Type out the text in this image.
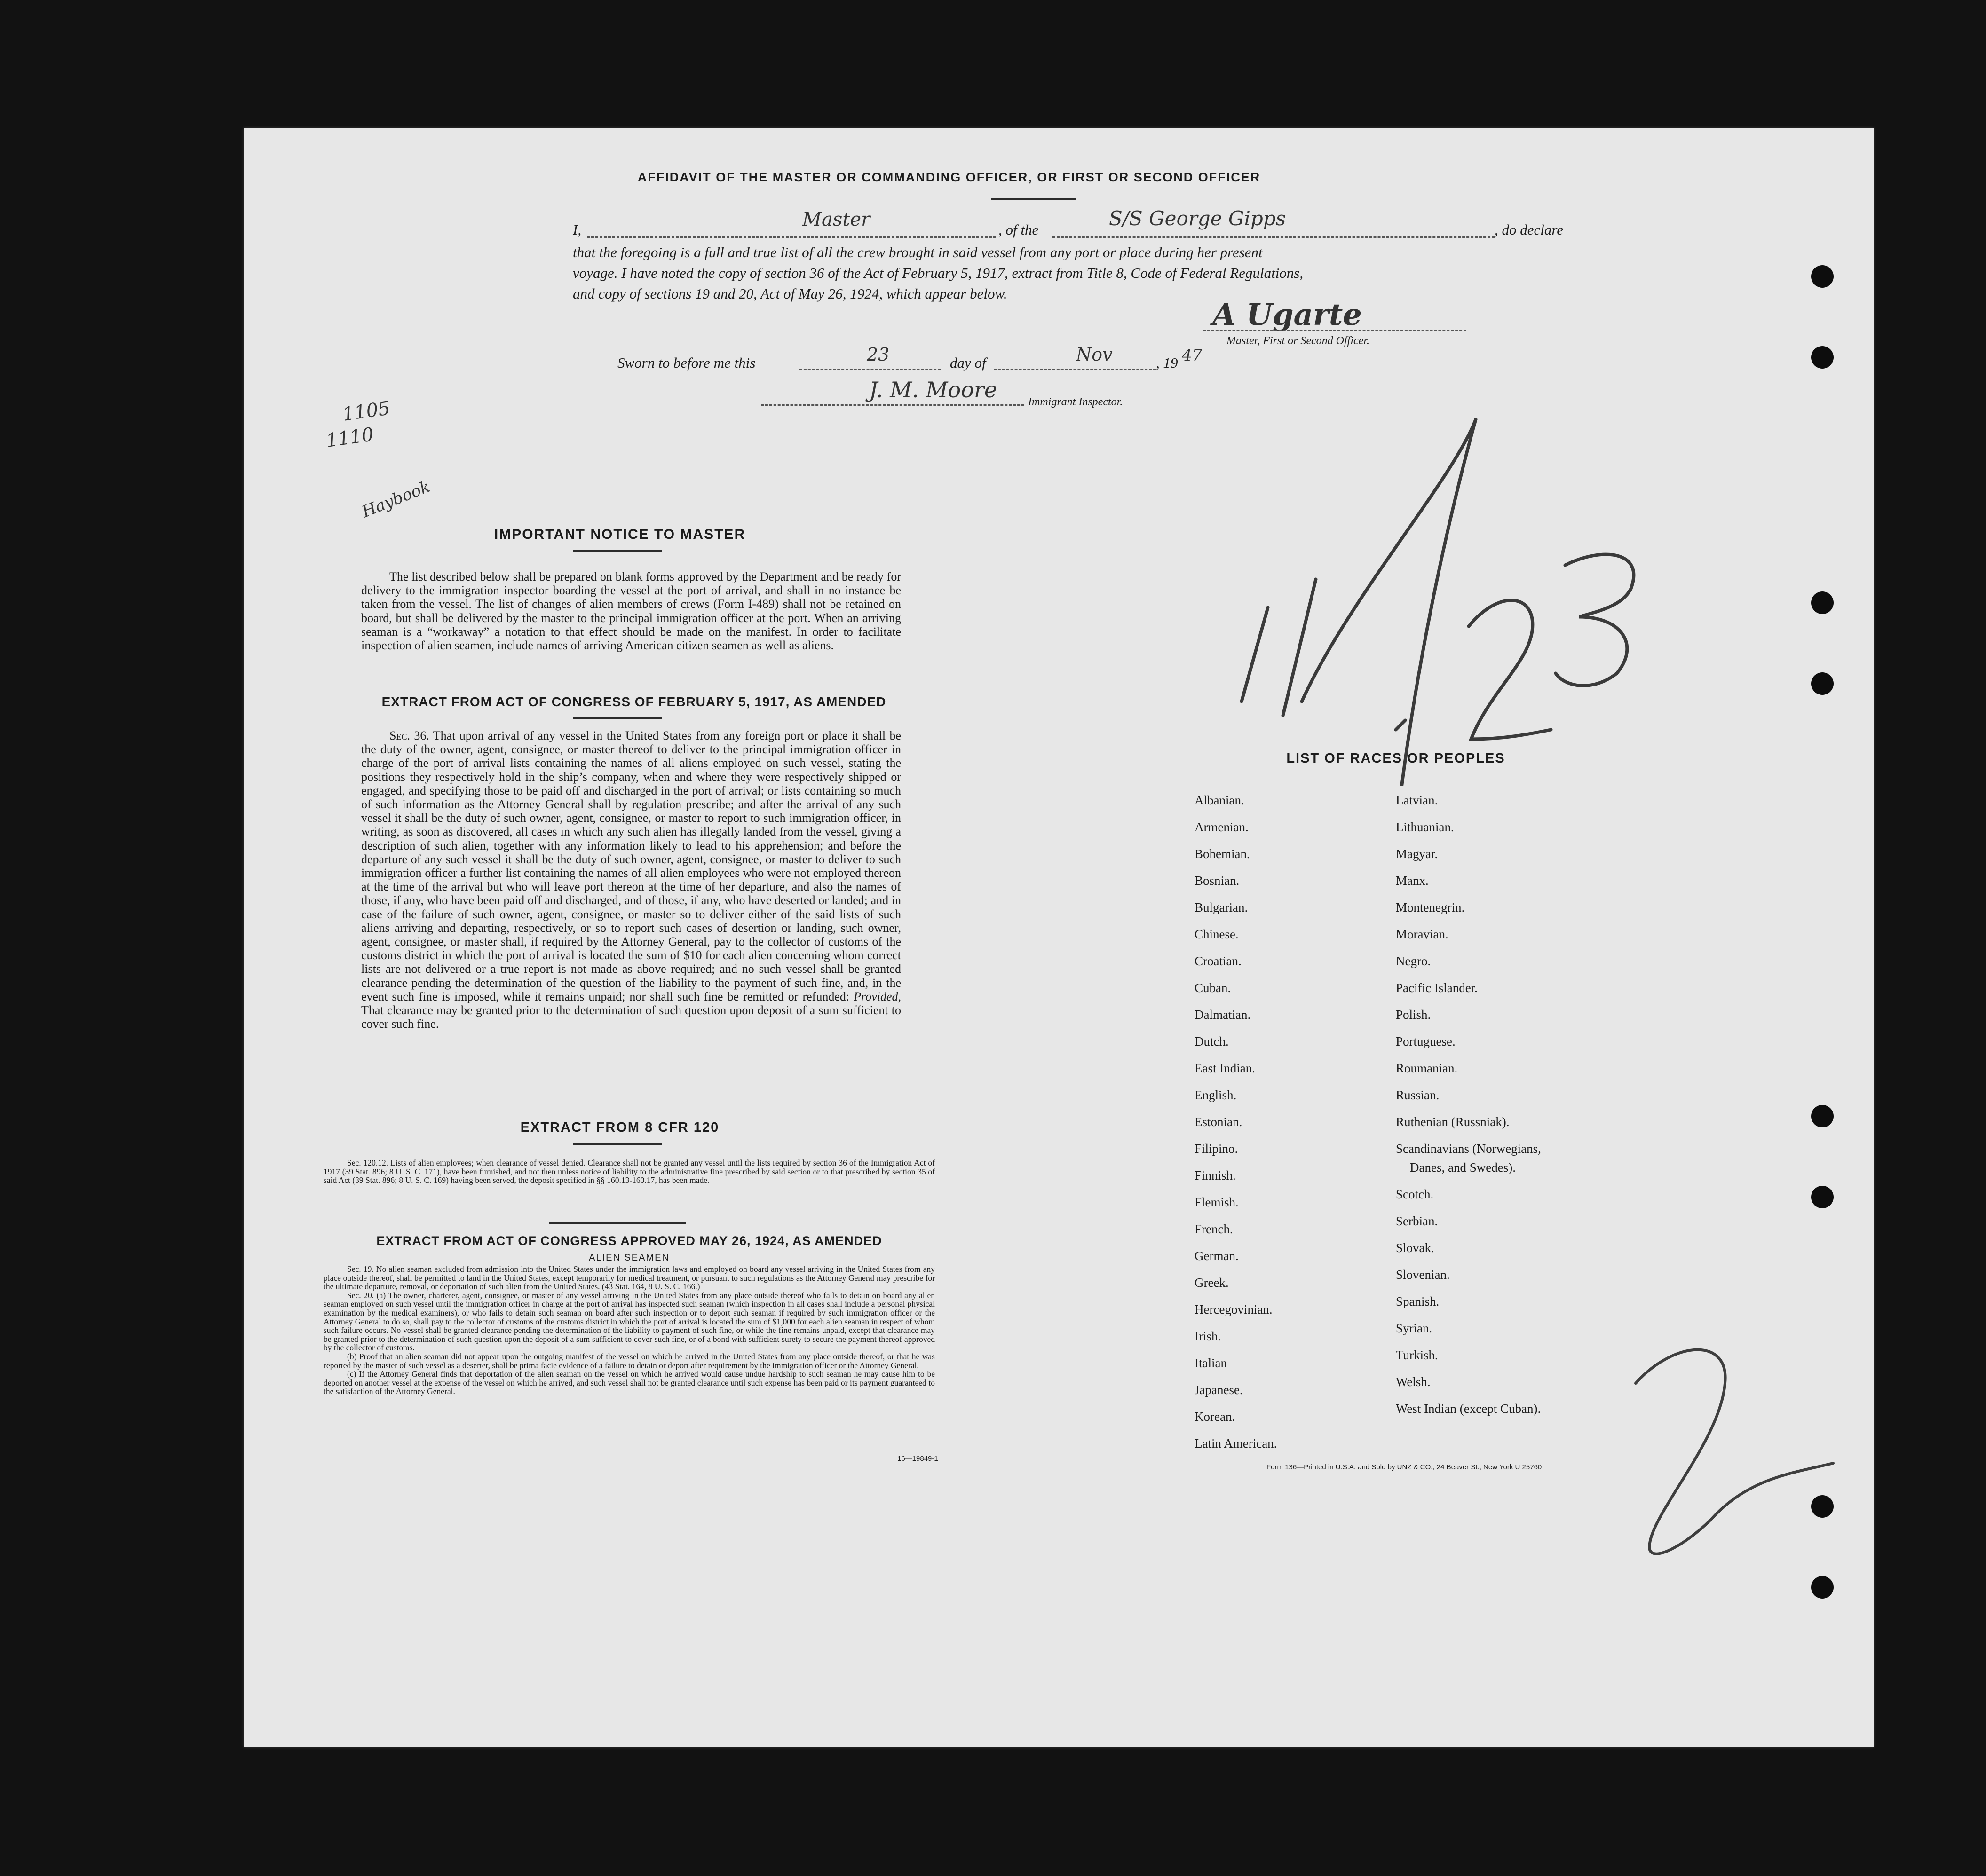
AFFIDAVIT OF THE MASTER OR COMMANDING OFFICER, OR FIRST OR SECOND OFFICER
I,	Master	, of the	S/S George Gipps	, do declare
that the foregoing is a full and true list of all the crew brought in said vessel from any port or place during her present
voyage. I have noted the copy of section 36 of the Act of February 5, 1917, extract from Title 8, Code of Federal Regulations,
and copy of sections 19 and 20, Act of May 26, 1924, which appear below.
A Ugarte
Master, First or Second Officer.
Sworn to before me this	23	day of	Nov	, 19 47
J. M. Moore	Immigrant Inspector.
1105
1110
Haybook
IMPORTANT NOTICE TO MASTER
The list described below shall be prepared on blank forms approved by the Department and be ready for delivery to the immigration inspector boarding the vessel at the port of arrival, and shall in no instance be taken from the vessel. The list of changes of alien members of crews (Form I-489) shall not be retained on board, but shall be delivered by the master to the principal immigration officer at the port. When an arriving seaman is a “workaway” a notation to that effect should be made on the manifest. In order to facilitate inspection of alien seamen, include names of arriving American citizen seamen as well as aliens.
EXTRACT FROM ACT OF CONGRESS OF FEBRUARY 5, 1917, AS AMENDED
Sec. 36. That upon arrival of any vessel in the United States from any foreign port or place it shall be the duty of the owner, agent, consignee, or master thereof to deliver to the principal immigration officer in charge of the port of arrival lists containing the names of all aliens employed on such vessel, stating the positions they respectively hold in the ship’s company, when and where they were respectively shipped or engaged, and specifying those to be paid off and discharged in the port of arrival; or lists containing so much of such information as the Attorney General shall by regulation prescribe; and after the arrival of any such vessel it shall be the duty of such owner, agent, consignee, or master to report to such immigration officer, in writing, as soon as discovered, all cases in which any such alien has illegally landed from the vessel, giving a description of such alien, together with any information likely to lead to his apprehension; and before the departure of any such vessel it shall be the duty of such owner, agent, consignee, or master to deliver to such immigration officer a further list containing the names of all alien employees who were not employed thereon at the time of the arrival but who will leave port thereon at the time of her departure, and also the names of those, if any, who have been paid off and discharged, and of those, if any, who have deserted or landed; and in case of the failure of such owner, agent, consignee, or master so to deliver either of the said lists of such aliens arriving and departing, respectively, or so to report such cases of desertion or landing, such owner, agent, consignee, or master shall, if required by the Attorney General, pay to the collector of customs of the customs district in which the port of arrival is located the sum of $10 for each alien concerning whom correct lists are not delivered or a true report is not made as above required; and no such vessel shall be granted clearance pending the determination of the question of the liability to the payment of such fine, and, in the event such fine is imposed, while it remains unpaid; nor shall such fine be remitted or refunded: Provided, That clearance may be granted prior to the determination of such question upon deposit of a sum sufficient to cover such fine.
EXTRACT FROM 8 CFR 120
Sec. 120.12. Lists of alien employees; when clearance of vessel denied. Clearance shall not be granted any vessel until the lists required by section 36 of the Immigration Act of 1917 (39 Stat. 896; 8 U. S. C. 171), have been furnished, and not then unless notice of liability to the administrative fine prescribed by said section or to that prescribed by section 35 of said Act (39 Stat. 896; 8 U. S. C. 169) having been served, the deposit specified in §§ 160.13-160.17, has been made.
EXTRACT FROM ACT OF CONGRESS APPROVED MAY 26, 1924, AS AMENDED
ALIEN SEAMEN
Sec. 19. No alien seaman excluded from admission into the United States under the immigration laws and employed on board any vessel arriving in the United States from any place outside thereof, shall be permitted to land in the United States, except temporarily for medical treatment, or pursuant to such regulations as the Attorney General may prescribe for the ultimate departure, removal, or deportation of such alien from the United States. (43 Stat. 164, 8 U. S. C. 166.)
Sec. 20. (a) The owner, charterer, agent, consignee, or master of any vessel arriving in the United States from any place outside thereof who fails to detain on board any alien seaman employed on such vessel until the immigration officer in charge at the port of arrival has inspected such seaman (which inspection in all cases shall include a personal physical examination by the medical examiners), or who fails to detain such seaman on board after such inspection or to deport such seaman if required by such immigration officer or the Attorney General to do so, shall pay to the collector of customs of the customs district in which the port of arrival is located the sum of $1,000 for each alien seaman in respect of whom such failure occurs. No vessel shall be granted clearance pending the determination of the liability to payment of such fine, or while the fine remains unpaid, except that clearance may be granted prior to the determination of such question upon the deposit of a sum sufficient to cover such fine, or of a bond with sufficient surety to secure the payment thereof approved by the collector of customs.
(b) Proof that an alien seaman did not appear upon the outgoing manifest of the vessel on which he arrived in the United States from any place outside thereof, or that he was reported by the master of such vessel as a deserter, shall be prima facie evidence of a failure to detain or deport after requirement by the immigration officer or the Attorney General.
(c) If the Attorney General finds that deportation of the alien seaman on the vessel on which he arrived would cause undue hardship to such seaman he may cause him to be deported on another vessel at the expense of the vessel on which he arrived, and such vessel shall not be granted clearance until such expense has been paid or its payment guaranteed to the satisfaction of the Attorney General.
16—19849-1
LIST OF RACES OR PEOPLES
Albanian.
Armenian.
Bohemian.
Bosnian.
Bulgarian.
Chinese.
Croatian.
Cuban.
Dalmatian.
Dutch.
East Indian.
English.
Estonian.
Filipino.
Finnish.
Flemish.
French.
German.
Greek.
Hercegovinian.
Irish.
Italian
Japanese.
Korean.
Latin American.
Latvian.
Lithuanian.
Magyar.
Manx.
Montenegrin.
Moravian.
Negro.
Pacific Islander.
Polish.
Portuguese.
Roumanian.
Russian.
Ruthenian (Russniak).
Scandinavians (Norwegians,
Danes, and Swedes).
Scotch.
Serbian.
Slovak.
Slovenian.
Spanish.
Syrian.
Turkish.
Welsh.
West Indian (except Cuban).
Form 136—Printed in U.S.A. and Sold by UNZ & CO., 24 Beaver St., New York U 25760
